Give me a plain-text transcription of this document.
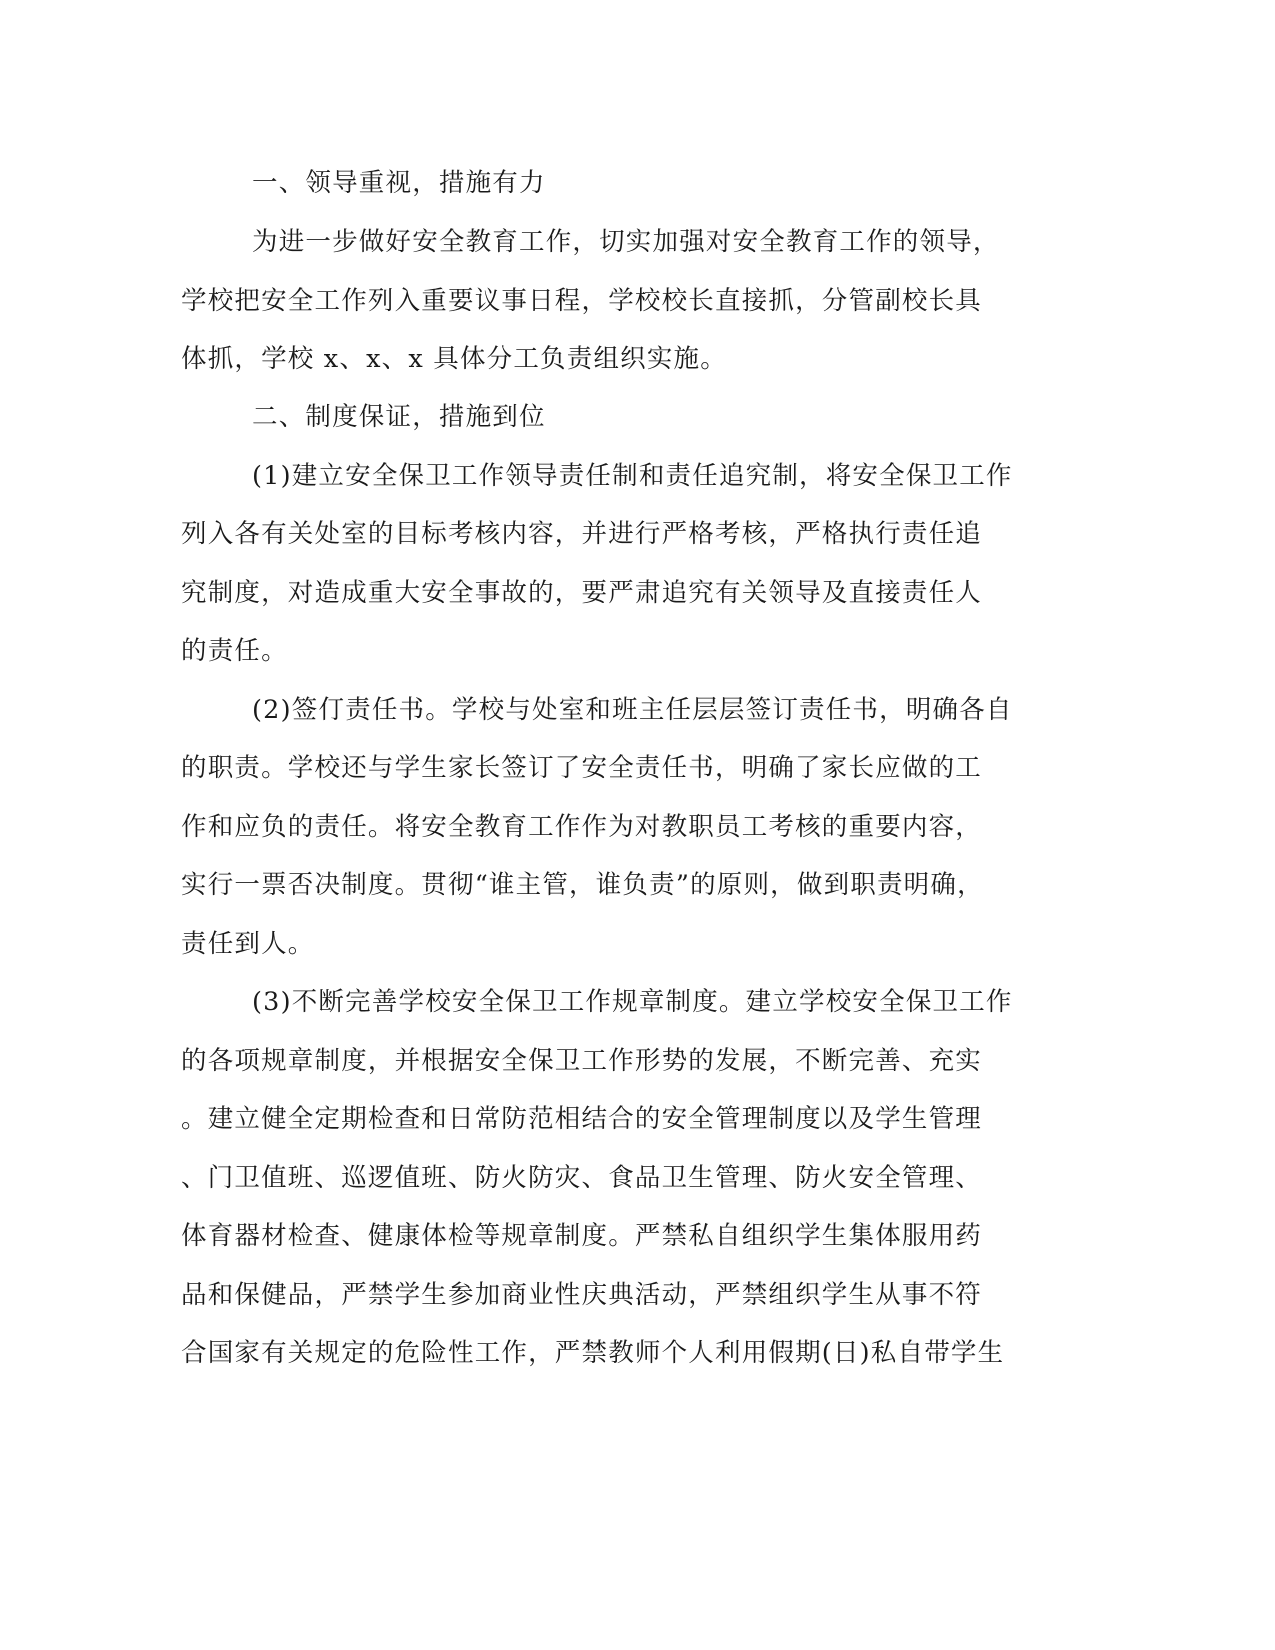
一、领导重视，措施有力
为进一步做好安全教育工作，切实加强对安全教育工作的领导，
学校把安全工作列入重要议事日程，学校校长直接抓，分管副校长具
体抓，学校 x、x、x 具体分工负责组织实施。
二、制度保证，措施到位
(1)建立安全保卫工作领导责任制和责任追究制，将安全保卫工作
列入各有关处室的目标考核内容，并进行严格考核，严格执行责任追
究制度，对造成重大安全事故的，要严肃追究有关领导及直接责任人
的责任。
(2)签仃责任书。学校与处室和班主任层层签订责任书，明确各自
的职责。学校还与学生家长签订了安全责任书，明确了家长应做的工
作和应负的责任。将安全教育工作作为对教职员工考核的重要内容，
实行一票否决制度。贯彻“谁主管，谁负责”的原则，做到职责明确，
责任到人。
(3)不断完善学校安全保卫工作规章制度。建立学校安全保卫工作
的各项规章制度，并根据安全保卫工作形势的发展，不断完善、充实
。建立健全定期检查和日常防范相结合的安全管理制度以及学生管理
、门卫值班、巡逻值班、防火防灾、食品卫生管理、防火安全管理、
体育器材检查、健康体检等规章制度。严禁私自组织学生集体服用药
品和保健品，严禁学生参加商业性庆典活动，严禁组织学生从事不符
合国家有关规定的危险性工作，严禁教师个人利用假期(日)私自带学生
